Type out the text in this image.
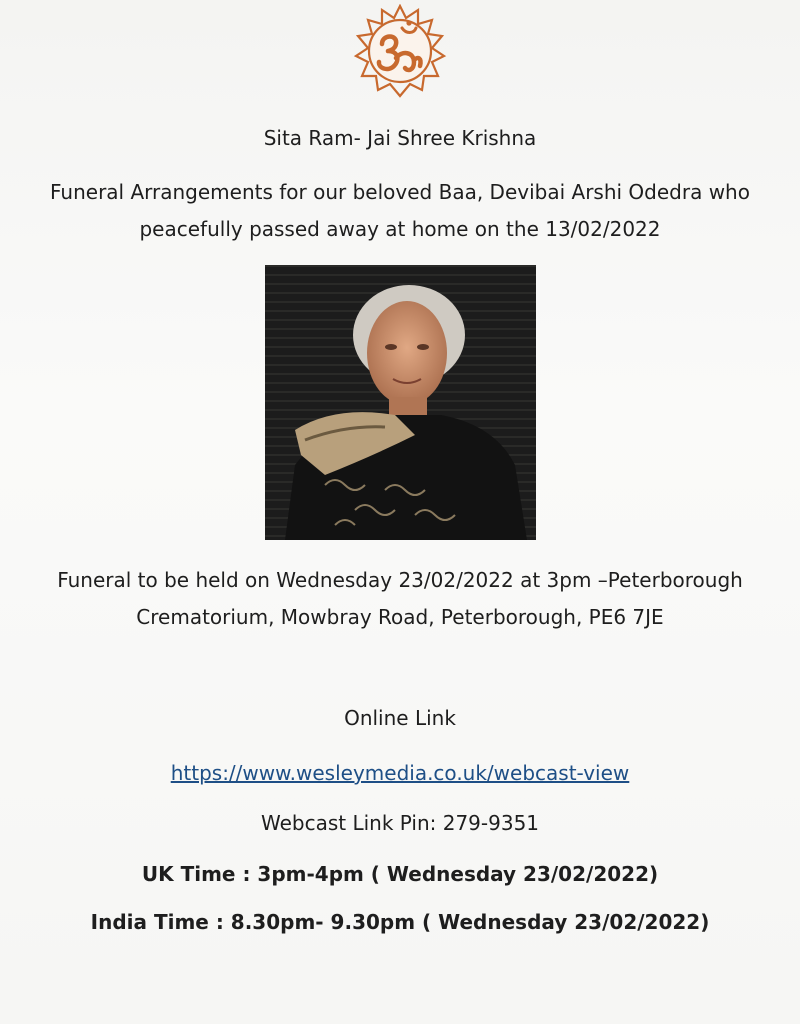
Sita Ram- Jai Shree Krishna
Funeral Arrangements for our beloved Baa, Devibai Arshi Odedra who
peacefully passed away at home on the 13/02/2022
Funeral to be held on Wednesday 23/02/2022 at 3pm –Peterborough
Crematorium, Mowbray Road, Peterborough, PE6 7JE
Online Link
https://www.wesleymedia.co.uk/webcast-view
Webcast Link Pin: 279-9351
UK Time : 3pm-4pm ( Wednesday 23/02/2022)
India Time : 8.30pm- 9.30pm ( Wednesday 23/02/2022)
